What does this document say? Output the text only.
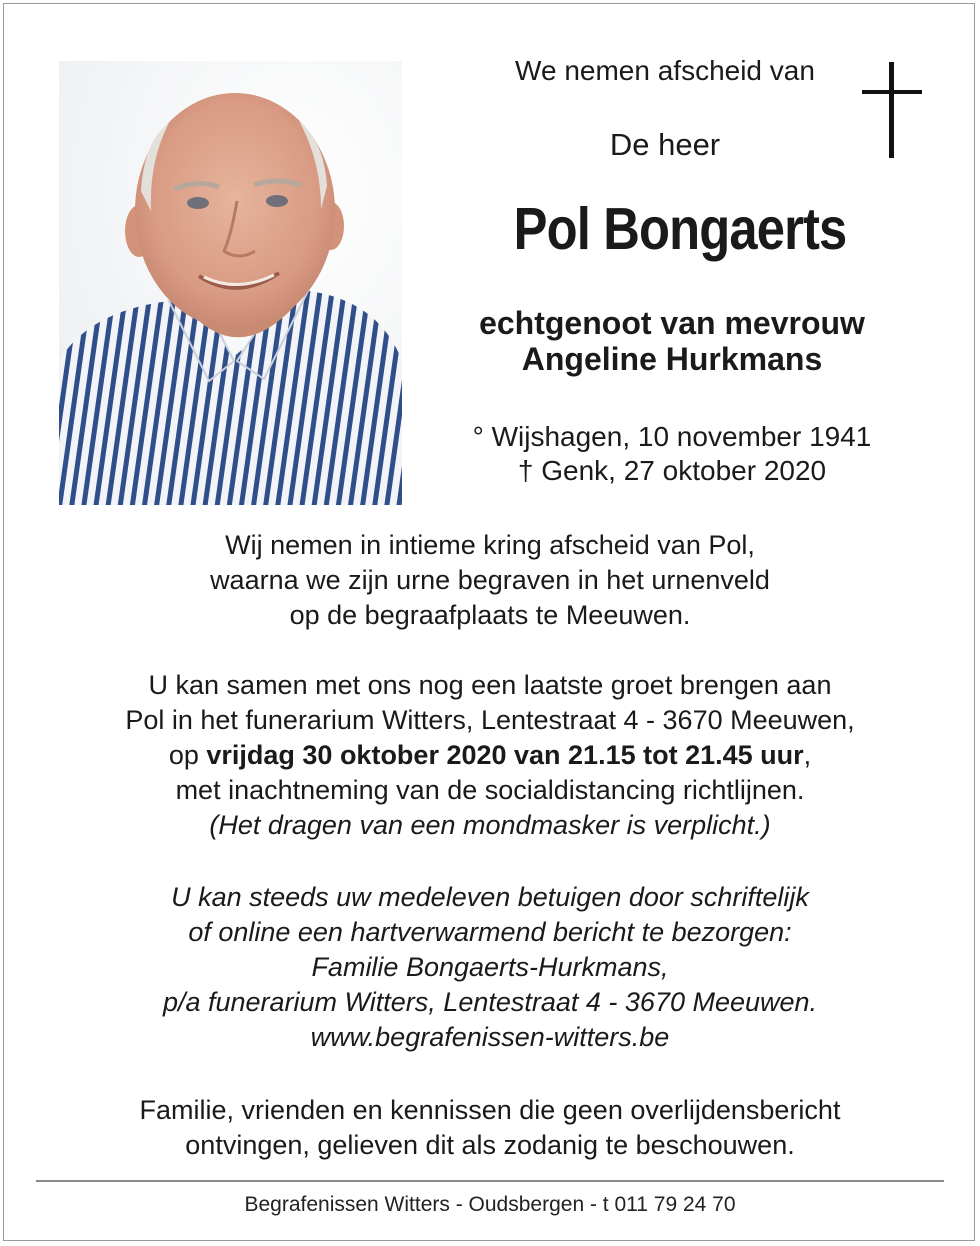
We nemen afscheid van
De heer
Pol Bongaerts
echtgenoot van mevrouw
Angeline Hurkmans
° Wijshagen, 10 november 1941
† Genk, 27 oktober 2020
Wij nemen in intieme kring afscheid van Pol,
waarna we zijn urne begraven in het urnenveld
op de begraafplaats te Meeuwen.
U kan samen met ons nog een laatste groet brengen aan
Pol in het funerarium Witters, Lentestraat 4 - 3670 Meeuwen,
op vrijdag 30 oktober 2020 van 21.15 tot 21.45 uur,
met inachtneming van de socialdistancing richtlijnen.
(Het dragen van een mondmasker is verplicht.)
U kan steeds uw medeleven betuigen door schriftelijk
of online een hartverwarmend bericht te bezorgen:
Familie Bongaerts-Hurkmans,
p/a funerarium Witters, Lentestraat 4 - 3670 Meeuwen.
www.begrafenissen-witters.be
Familie, vrienden en kennissen die geen overlijdensbericht
ontvingen, gelieven dit als zodanig te beschouwen.
Begrafenissen Witters - Oudsbergen - t 011 79 24 70
